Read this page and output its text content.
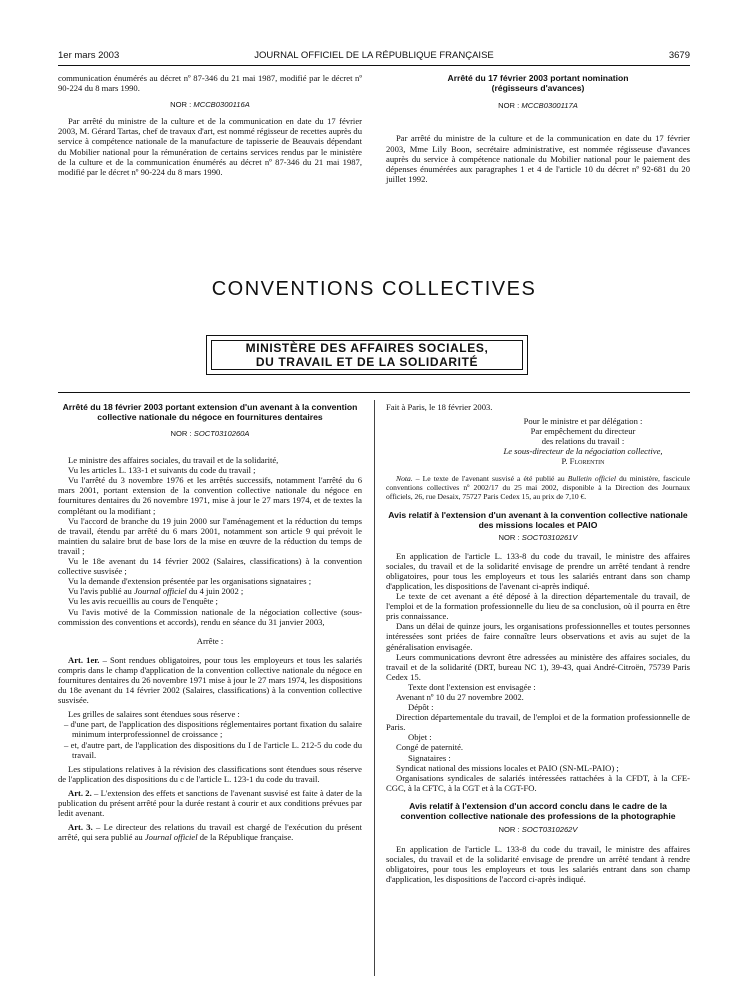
1er mars 2003	JOURNAL OFFICIEL DE LA RÉPUBLIQUE FRANÇAISE	3679

communication énumérés au décret nº 87-346 du 21 mai 1987, modifié par le décret nº 90-224 du 8 mars 1990.

NOR : MCCB0300116A

Par arrêté du ministre de la culture et de la communication en date du 17 février 2003, M. Gérard Tartas, chef de travaux d'art, est nommé régisseur de recettes auprès du service à compétence nationale de la manufacture de tapisserie de Beauvais dépendant du Mobilier national pour la rémunération de certains services rendus par le ministère de la culture et de la communication énumérés au décret nº 87-346 du 21 mai 1987, modifié par le décret nº 90-224 du 8 mars 1990.

Arrêté du 17 février 2003 portant nomination
(régisseurs d'avances)
NOR : MCCB0300117A

Par arrêté du ministre de la culture et de la communication en date du 17 février 2003, Mme Lily Boon, secrétaire administrative, est nommée régisseuse d'avances auprès du service à compétence nationale du Mobilier national pour le paiement des dépenses énumérées aux paragraphes 1 et 4 de l'article 10 du décret nº 92-681 du 20 juillet 1992.

CONVENTIONS COLLECTIVES
MINISTÈRE DES AFFAIRES SOCIALES,
DU TRAVAIL ET DE LA SOLIDARITÉ
Arrêté du 18 février 2003 portant extension d'un avenant à la convention collective nationale du négoce en fournitures dentaires
NOR : SOCT0310260A

Le ministre des affaires sociales, du travail et de la solidarité,

Vu les articles L. 133-1 et suivants du code du travail ;

Vu l'arrêté du 3 novembre 1976 et les arrêtés successifs, notamment l'arrêté du 6 mars 2001, portant extension de la convention collective nationale du négoce en fournitures dentaires du 26 novembre 1971, mise à jour le 27 mars 1974, et de textes la complétant ou la modifiant ;

Vu l'accord de branche du 19 juin 2000 sur l'aménagement et la réduction du temps de travail, étendu par arrêté du 6 mars 2001, notamment son article 9 qui prévoit le maintien du salaire brut de base lors de la mise en œuvre de la réduction du temps de travail ;

Vu le 18e avenant du 14 février 2002 (Salaires, classifications) à la convention collective susvisée ;

Vu la demande d'extension présentée par les organisations signataires ;

Vu l'avis publié au Journal officiel du 4 juin 2002 ;

Vu les avis recueillis au cours de l'enquête ;

Vu l'avis motivé de la Commission nationale de la négociation collective (sous-commission des conventions et accords), rendu en séance du 31 janvier 2003,

Arrête :

Art. 1er. – Sont rendues obligatoires, pour tous les employeurs et tous les salariés compris dans le champ d'application de la convention collective nationale du négoce en fournitures dentaires du 26 novembre 1971 mise à jour le 27 mars 1974, les dispositions du 18e avenant du 14 février 2002 (Salaires, classifications) à la convention collective susvisée.

Les grilles de salaires sont étendues sous réserve :

– d'une part, de l'application des dispositions réglementaires portant fixation du salaire minimum interprofessionnel de croissance ;

– et, d'autre part, de l'application des dispositions du I de l'article L. 212-5 du code du travail.

Les stipulations relatives à la révision des classifications sont étendues sous réserve de l'application des dispositions du c de l'article L. 123-1 du code du travail.

Art. 2. – L'extension des effets et sanctions de l'avenant susvisé est faite à dater de la publication du présent arrêté pour la durée restant à courir et aux conditions prévues par ledit avenant.

Art. 3. – Le directeur des relations du travail est chargé de l'exécution du présent arrêté, qui sera publié au Journal officiel de la République française.

Fait à Paris, le 18 février 2003.

Pour le ministre et par délégation :

Par empêchement du directeur

des relations du travail :

Le sous-directeur de la négociation collective,

P. Florentin

Nota. – Le texte de l'avenant susvisé a été publié au Bulletin officiel du ministère, fascicule conventions collectives nº 2002/17 du 25 mai 2002, disponible à la Direction des Journaux officiels, 26, rue Desaix, 75727 Paris Cedex 15, au prix de 7,10 €.

Avis relatif à l'extension d'un avenant à la convention collective nationale des missions locales et PAIO
NOR : SOCT0310261V

En application de l'article L. 133-8 du code du travail, le ministre des affaires sociales, du travail et de la solidarité envisage de prendre un arrêté tendant à rendre obligatoires, pour tous les employeurs et tous les salariés entrant dans son champ d'application, les dispositions de l'avenant ci-après indiqué.

Le texte de cet avenant a été déposé à la direction départementale du travail, de l'emploi et de la formation professionnelle du lieu de sa conclusion, où il pourra en être pris connaissance.

Dans un délai de quinze jours, les organisations professionnelles et toutes personnes intéressées sont priées de faire connaître leurs observations et avis au sujet de la généralisation envisagée.

Leurs communications devront être adressées au ministère des affaires sociales, du travail et de la solidarité (DRT, bureau NC 1), 39-43, quai André-Citroën, 75739 Paris Cedex 15.

Texte dont l'extension est envisagée :

Avenant nº 10 du 27 novembre 2002.

Dépôt :

Direction départementale du travail, de l'emploi et de la formation professionnelle de Paris.

Objet :

Congé de paternité.

Signataires :

Syndicat national des missions locales et PAIO (SN-ML-PAIO) ;

Organisations syndicales de salariés intéressées rattachées à la CFDT, à la CFE-CGC, à la CFTC, à la CGT et à la CGT-FO.

Avis relatif à l'extension d'un accord conclu dans le cadre de la convention collective nationale des professions de la photographie
NOR : SOCT0310262V

En application de l'article L. 133-8 du code du travail, le ministre des affaires sociales, du travail et de la solidarité envisage de prendre un arrêté tendant à rendre obligatoires, pour tous les employeurs et tous les salariés entrant dans son champ d'application, les dispositions de l'accord ci-après indiqué.
